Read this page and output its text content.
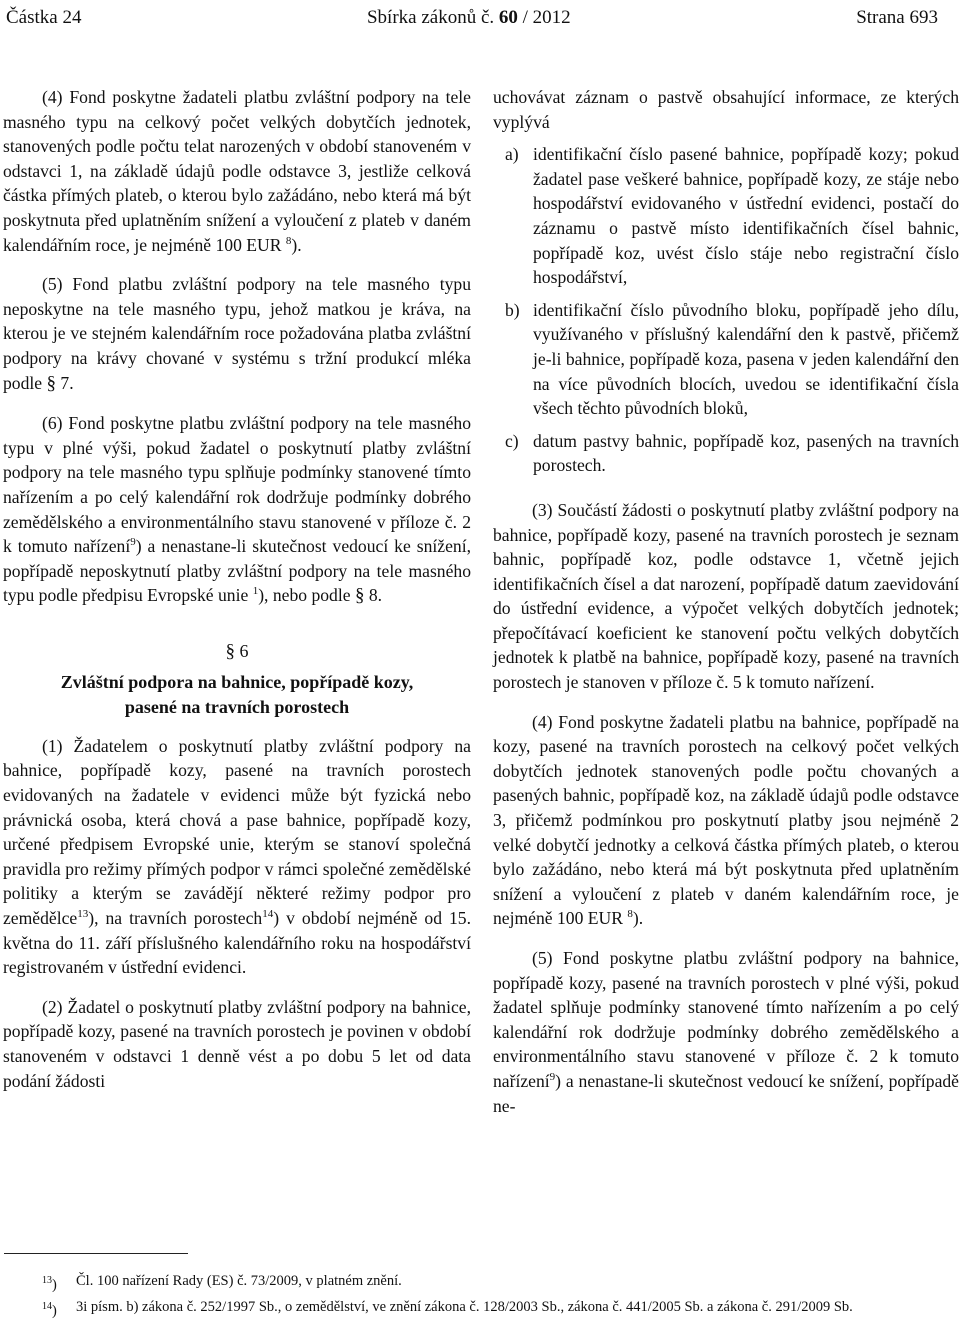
Částka 24	Sbírka zákonů č. 60 / 2012	Strana 693

(4) Fond poskytne žadateli platbu zvláštní podpory na tele masného typu na celkový počet velkých dobytčích jednotek, stanovených podle počtu telat narozených v období stanoveném v odstavci 1, na základě údajů podle odstavce 3, jestliže celková částka přímých plateb, o kterou bylo zažádáno, nebo která má být poskytnuta před uplatněním snížení a vyloučení z plateb v daném kalendářním roce, je nejméně 100 EUR $^8$).

(5) Fond platbu zvláštní podpory na tele masného typu neposkytne na tele masného typu, jehož matkou je kráva, na kterou je ve stejném kalendářním roce požadována platba zvláštní podpory na krávy chované v systému s tržní produkcí mléka podle § 7.

(6) Fond poskytne platbu zvláštní podpory na tele masného typu v plné výši, pokud žadatel o poskytnutí platby zvláštní podpory na tele masného typu splňuje podmínky stanovené tímto nařízením a po celý kalendářní rok dodržuje podmínky dobrého zemědělského a environmentálního stavu stanovené v příloze č. 2 k tomuto nařízení$^9$) a nenastane-li skutečnost vedoucí ke snížení, popřípadě neposkytnutí platby zvláštní podpory na tele masného typu podle předpisu Evropské unie $^1$), nebo podle § 8.

§ 6
Zvláštní podpora na bahnice, popřípadě kozy,
pasené na travních porostech

(1) Žadatelem o poskytnutí platby zvláštní podpory na bahnice, popřípadě kozy, pasené na travních porostech evidovaných na žadatele v evidenci může být fyzická nebo právnická osoba, která chová a pase bahnice, popřípadě kozy, určené předpisem Evropské unie, kterým se stanoví společná pravidla pro režimy přímých podpor v rámci společné zemědělské politiky a kterým se zavádějí některé režimy podpor pro zemědělce$^{13}$), na travních porostech$^{14}$) v období nejméně od 15. května do 11. září příslušného kalendářního roku na hospodářství registrovaném v ústřední evidenci.

(2) Žadatel o poskytnutí platby zvláštní podpory na bahnice, popřípadě kozy, pasené na travních porostech je povinen v období stanoveném v odstavci 1 denně vést a po dobu 5 let od data podání žádosti

uchovávat záznam o pastvě obsahující informace, ze kterých vyplývá

a) identifikační číslo pasené bahnice, popřípadě kozy; pokud žadatel pase veškeré bahnice, popřípadě kozy, ze stáje nebo hospodářství evidovaného v ústřední evidenci, postačí do záznamu o pastvě místo identifikačních čísel bahnic, popřípadě koz, uvést číslo stáje nebo registrační číslo hospodářství,
b) identifikační číslo původního bloku, popřípadě jeho dílu, využívaného v příslušný kalendářní den k pastvě, přičemž je-li bahnice, popřípadě koza, pasena v jeden kalendářní den na více původních blocích, uvedou se identifikační čísla všech těchto původních bloků,
c) datum pastvy bahnic, popřípadě koz, pasených na travních porostech.

(3) Součástí žádosti o poskytnutí platby zvláštní podpory na bahnice, popřípadě kozy, pasené na travních porostech je seznam bahnic, popřípadě koz, podle odstavce 1, včetně jejich identifikačních čísel a dat narození, popřípadě datum zaevidování do ústřední evidence, a výpočet velkých dobytčích jednotek; přepočítávací koeficient ke stanovení počtu velkých dobytčích jednotek k platbě na bahnice, popřípadě kozy, pasené na travních porostech je stanoven v příloze č. 5 k tomuto nařízení.

(4) Fond poskytne žadateli platbu na bahnice, popřípadě na kozy, pasené na travních porostech na celkový počet velkých dobytčích jednotek stanovených podle počtu chovaných a pasených bahnic, popřípadě koz, na základě údajů podle odstavce 3, přičemž podmínkou pro poskytnutí platby jsou nejméně 2 velké dobytčí jednotky a celková částka přímých plateb, o kterou bylo zažádáno, nebo která má být poskytnuta před uplatněním snížení a vyloučení z plateb v daném kalendářním roce, je nejméně 100 EUR $^8$).

(5) Fond poskytne platbu zvláštní podpory na bahnice, popřípadě kozy, pasené na travních porostech v plné výši, pokud žadatel splňuje podmínky stanovené tímto nařízením a po celý kalendářní rok dodržuje podmínky dobrého zemědělského a environmentálního stavu stanovené v příloze č. 2 k tomuto nařízení$^9$) a nenastane-li skutečnost vedoucí ke snížení, popřípadě ne-

$^{13}$)	Čl. 100 nařízení Rady (ES) č. 73/2009, v platném znění.
$^{14}$)	3i písm. b) zákona č. 252/1997 Sb., o zemědělství, ve znění zákona č. 128/2003 Sb., zákona č. 441/2005 Sb. a zákona č. 291/2009 Sb.
